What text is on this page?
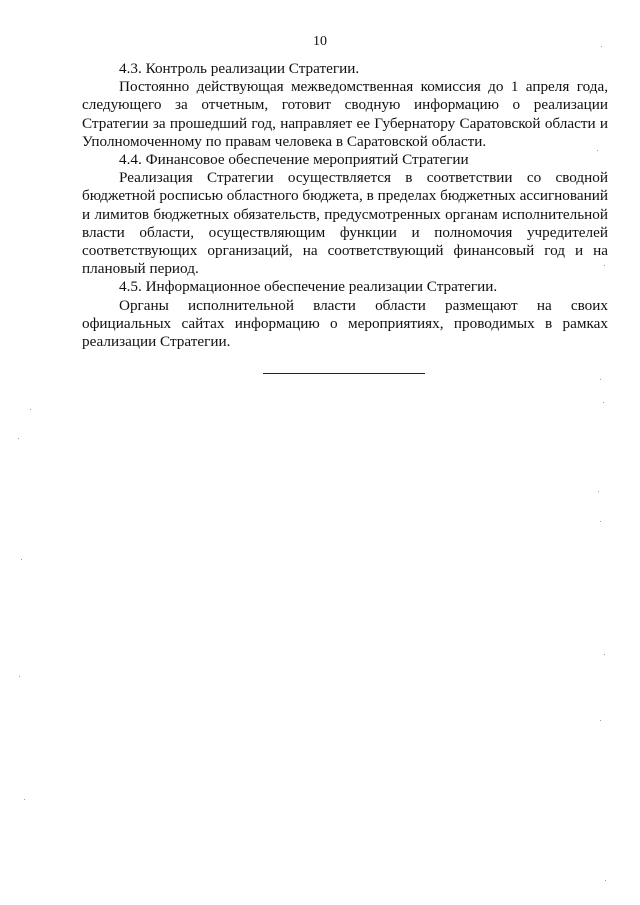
10

4.3. Контроль реализации Стратегии.

Постоянно действующая межведомственная комиссия до 1 апреля года, следующего за отчетным, готовит сводную информацию о реализации Стратегии за прошедший год, направляет ее Губернатору Саратовской области и Уполномоченному по правам человека в Саратовской области.

4.4. Финансовое обеспечение мероприятий Стратегии

Реализация Стратегии осуществляется в соответствии со сводной бюджетной росписью областного бюджета, в пределах бюджетных ассигнований и лимитов бюджетных обязательств, предусмотренных органам исполнительной власти области, осуществляющим функции и полномочия учредителей соответствующих организаций, на соответствующий финансовый год и на плановый период.

4.5. Информационное обеспечение реализации Стратегии.

Органы исполнительной власти области размещают на своих официальных сайтах информацию о мероприятиях, проводимых в рамках реализации Стратегии.
